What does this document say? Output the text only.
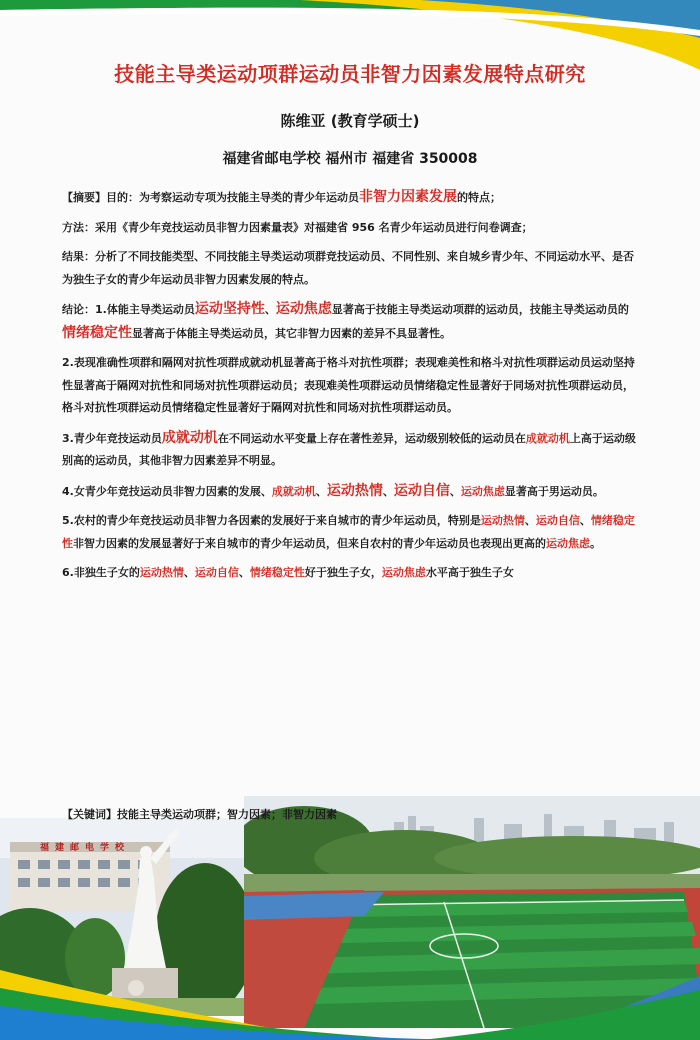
技能主导类运动项群运动员非智力因素发展特点研究
陈维亚 (教育学硕士)
福建省邮电学校 福州市 福建省 350008

【摘要】目的：为考察运动专项为技能主导类的青少年运动员非智力因素发展的特点；

方法：采用《青少年竞技运动员非智力因素量表》对福建省 956 名青少年运动员进行问卷调查；

结果：分析了不同技能类型、不同技能主导类运动项群竞技运动员、不同性别、来自城乡青少年、不同运动水平、是否为独生子女的青少年运动员非智力因素发展的特点。

结论：1.体能主导类运动员运动坚持性、运动焦虑显著高于技能主导类运动项群的运动员，技能主导类运动员的情绪稳定性显著高于体能主导类运动员，其它非智力因素的差异不具显著性。

2.表现准确性项群和隔网对抗性项群成就动机显著高于格斗对抗性项群；表现难美性和格斗对抗性项群运动员运动坚持性显著高于隔网对抗性和同场对抗性项群运动员；表现难美性项群运动员情绪稳定性显著好于同场对抗性项群运动员，格斗对抗性项群运动员情绪稳定性显著好于隔网对抗性和同场对抗性项群运动员。

3.青少年竞技运动员成就动机在不同运动水平变量上存在著性差异，运动级别较低的运动员在成就动机上高于运动级别高的运动员，其他非智力因素差异不明显。

4.女青少年竞技运动员非智力因素的发展、成就动机、运动热情、运动自信、运动焦虑显著高于男运动员。

5.农村的青少年竞技运动员非智力各因素的发展好于来自城市的青少年运动员，特别是运动热情、运动自信、情绪稳定性非智力因素的发展显著好于来自城市的青少年运动员，但来自农村的青少年运动员也表现出更高的运动焦虑。

6.非独生子女的运动热情、运动自信、情绪稳定性好于独生子女，运动焦虑水平高于独生子女

福建邮电学校
【关键词】技能主导类运动项群；智力因素；非智力因素
